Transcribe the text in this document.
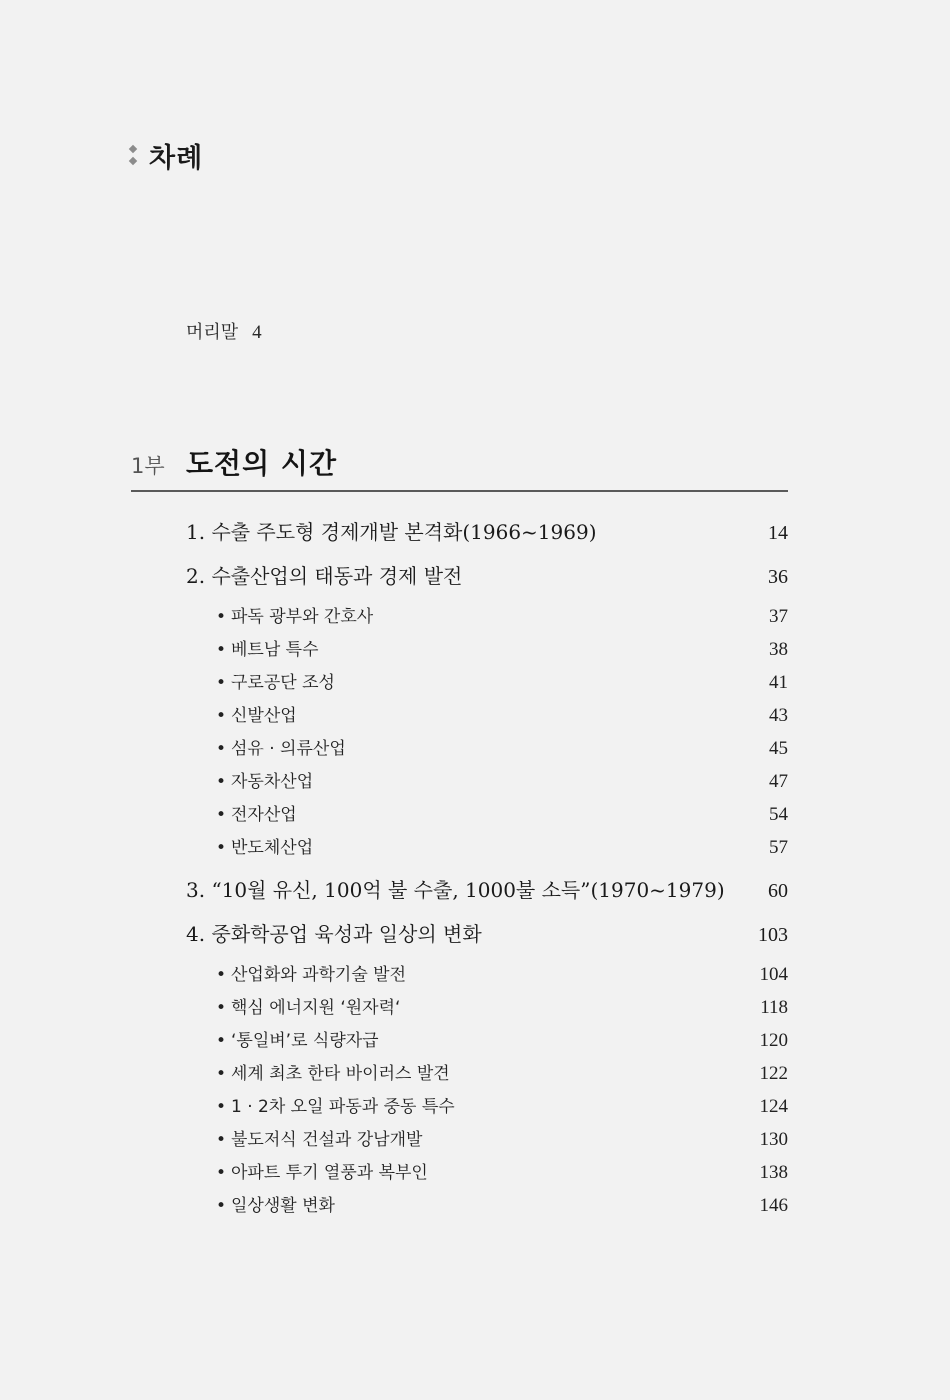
차례
머리말 4
1부 도전의 시간
1. 수출 주도형 경제개발 본격화(1966~1969)	14
2. 수출산업의 태동과 경제 발전	36
• 파독 광부와 간호사	37
• 베트남 특수	38
• 구로공단 조성	41
• 신발산업	43
• 섬유 · 의류산업	45
• 자동차산업	47
• 전자산업	54
• 반도체산업	57
3. “10월 유신, 100억 불 수출, 1000불 소득”(1970~1979) 60
4. 중화학공업 육성과 일상의 변화	103
• 산업화와 과학기술 발전	104
• 핵심 에너지원 ‘원자력‘	118
• ‘통일벼’로 식량자급	120
• 세계 최초 한타 바이러스 발견	122
• 1 · 2차 오일 파동과 중동 특수	124
• 불도저식 건설과 강남개발	130
• 아파트 투기 열풍과 복부인	138
• 일상생활 변화	146
